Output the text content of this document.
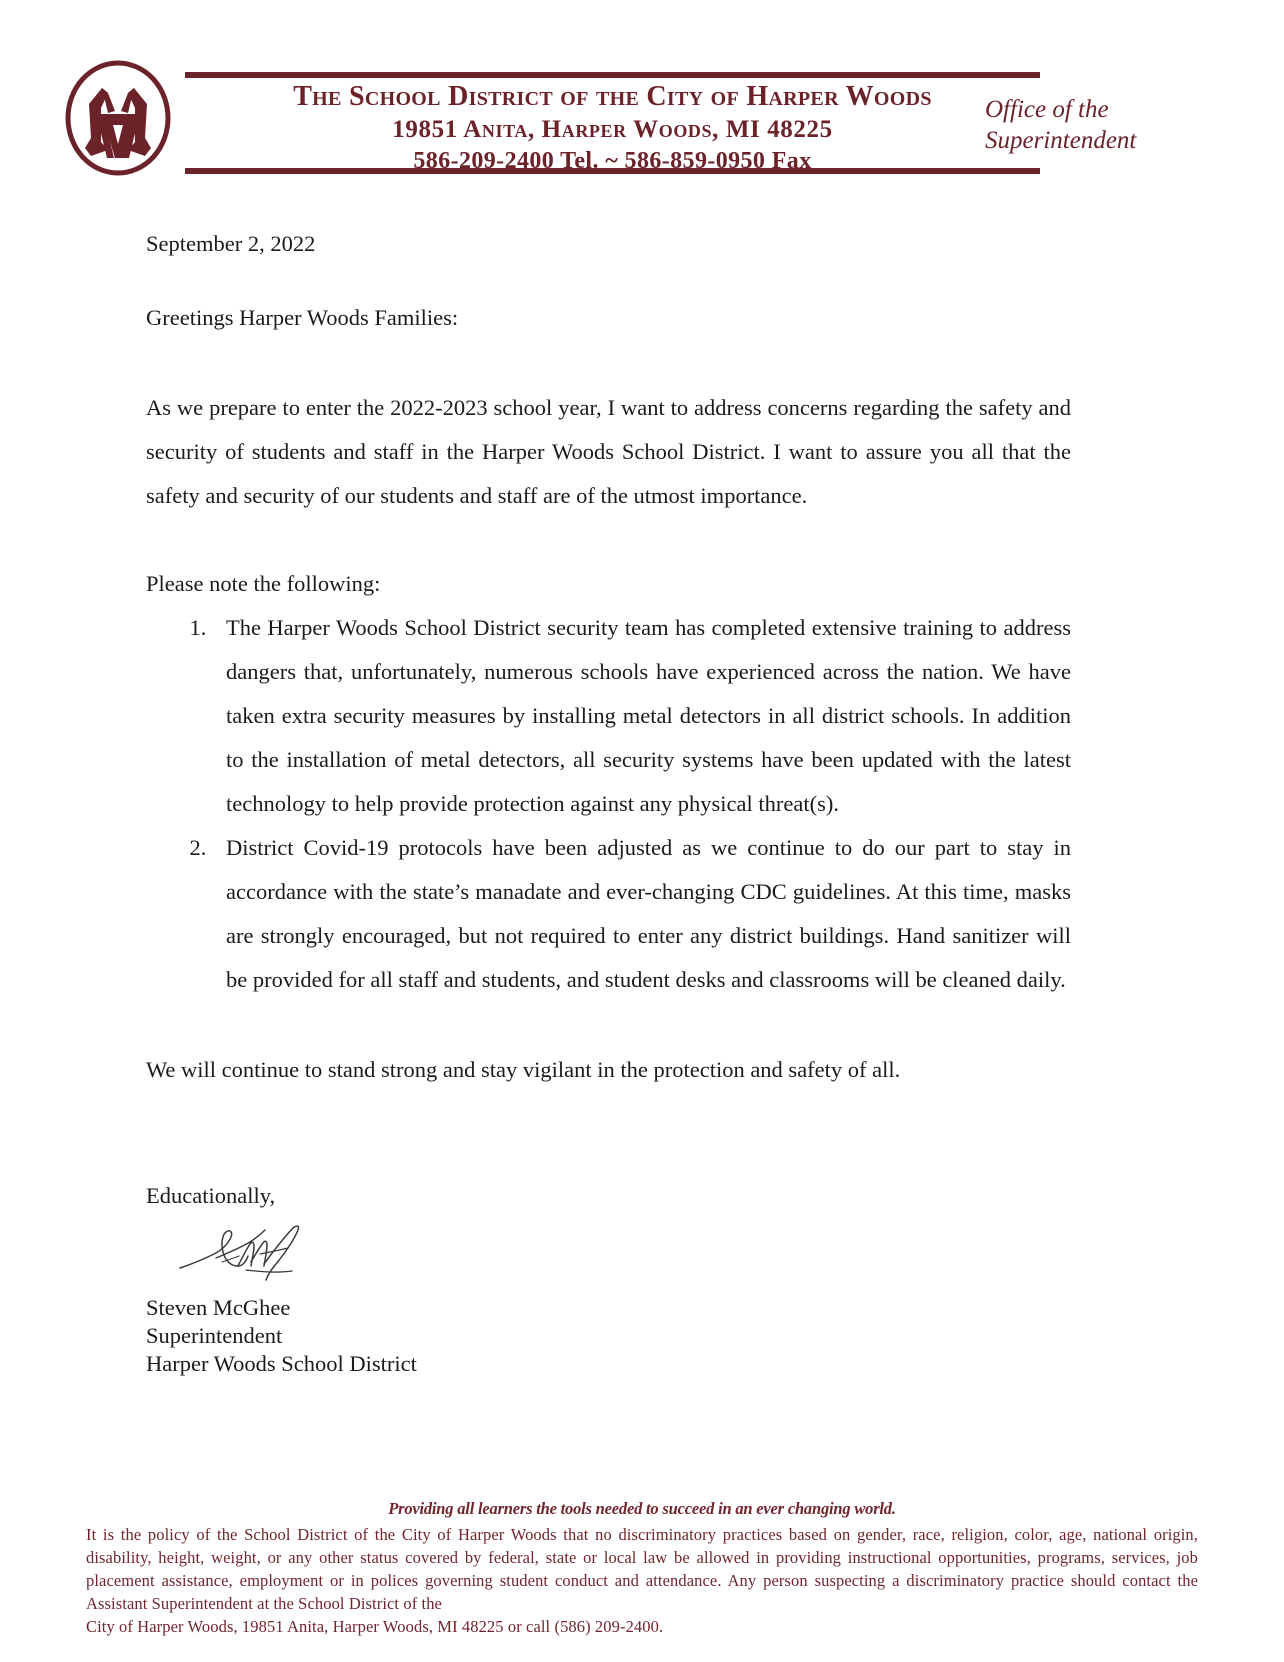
The School District of the City of Harper Woods
19851 Anita, Harper Woods, MI 48225
586-209-2400 Tel. ~ 586-859-0950 Fax
Office of the
Superintendent
September 2, 2022
Greetings Harper Woods Families:
As we prepare to enter the 2022-2023 school year, I want to address concerns regarding the safety and security of students and staff in the Harper Woods School District. I want to assure you all that the safety and security of our students and staff are of the utmost importance.
Please note the following:
1. The Harper Woods School District security team has completed extensive training to address dangers that, unfortunately, numerous schools have experienced across the nation. We have taken extra security measures by installing metal detectors in all district schools. In addition to the installation of metal detectors, all security systems have been updated with the latest technology to help provide protection against any physical threat(s).
2. District Covid-19 protocols have been adjusted as we continue to do our part to stay in accordance with the state’s manadate and ever-changing CDC guidelines. At this time, masks are strongly encouraged, but not required to enter any district buildings. Hand sanitizer will be provided for all staff and students, and student desks and classrooms will be cleaned daily.
We will continue to stand strong and stay vigilant in the protection and safety of all.
Educationally,
Steven McGhee
Superintendent
Harper Woods School District
Providing all learners the tools needed to succeed in an ever changing world.
It is the policy of the School District of the City of Harper Woods that no discriminatory practices based on gender, race, religion, color, age, national origin, disability, height, weight, or any other status covered by federal, state or local law be allowed in providing instructional opportunities, programs, services, job placement assistance, employment or in polices governing student conduct and attendance. Any person suspecting a discriminatory practice should contact the Assistant Superintendent at the School District of the
City of Harper Woods, 19851 Anita, Harper Woods, MI 48225 or call (586) 209-2400.
